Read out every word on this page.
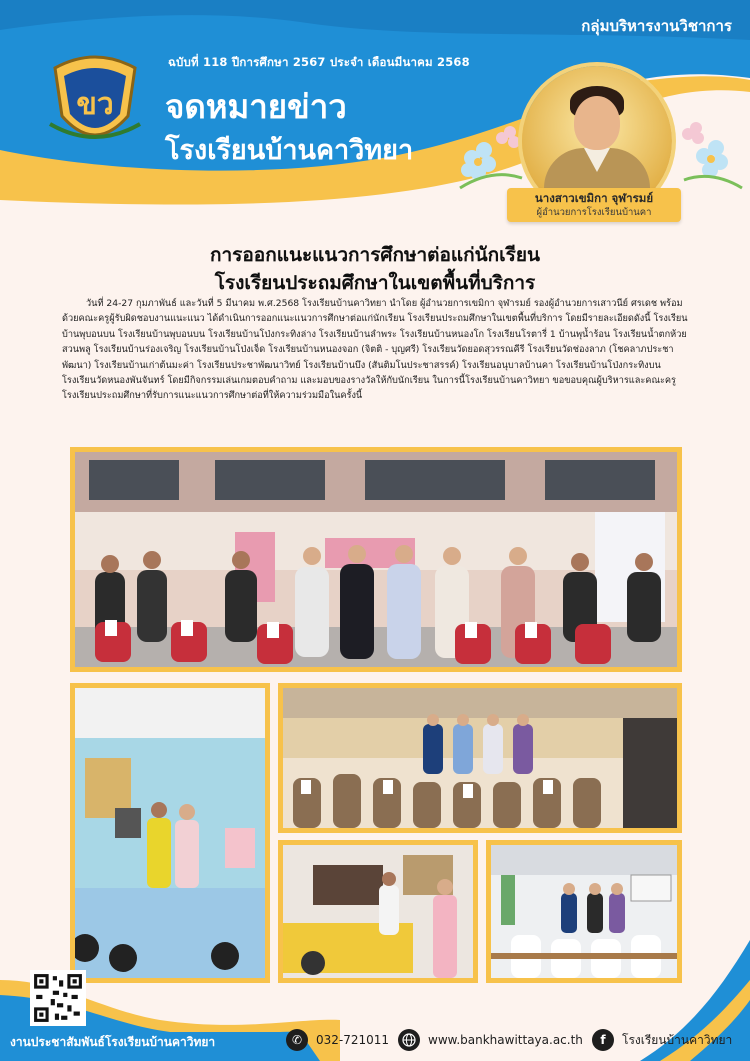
กลุ่มบริหารงานวิชาการ
ฉบับที่ 118 ปีการศึกษา 2567 ประจำ เดือนมีนาคม 2568
จดหมายข่าว
โรงเรียนบ้านคาวิทยา
ขว
นางสาวเขมิกา จุฬารมย์
ผู้อำนวยการโรงเรียนบ้านคา
การออกแนะแนวการศึกษาต่อแก่นักเรียน
โรงเรียนประถมศึกษาในเขตพื้นที่บริการ
วันที่ 24-27 กุมภาพันธ์ และวันที่ 5 มีนาคม พ.ศ.2568 โรงเรียนบ้านคาวิทยา นำโดย ผู้อำนวยการเขมิกา จุฬารมย์ รองผู้อำนวยการเสาวนีย์ ศรเดช พร้อมด้วยคณะครูผู้รับผิดชอบงานแนะแนว ได้ดำเนินการออกแนะแนวการศึกษาต่อแก่นักเรียน โรงเรียนประถมศึกษาในเขตพื้นที่บริการ โดยมีรายละเอียดดังนี้ โรงเรียนบ้านพุบอนบน โรงเรียนบ้านพุบอนบน โรงเรียนบ้านโป่งกระทิงล่าง โรงเรียนบ้านลำพระ โรงเรียนบ้านหนองโก โรงเรียนโรตารี่ 1 บ้านพุน้ำร้อน โรงเรียนน้ำตกห้วยสวนพลู โรงเรียนบ้านร่องเจริญ โรงเรียนบ้านโป่งเจ็ด โรงเรียนบ้านหนองจอก (จิตติ - บุญศรี) โรงเรียนวัดยอดสุวรรณคีรี โรงเรียนวัดช่องลาภ (โชคลาภประชาพัฒนา) โรงเรียนบ้านเก่าต้นมะค่า โรงเรียนประชาพัฒนาวิทย์ โรงเรียนบ้านบึง (สันติมโนประชาสรรค์) โรงเรียนอนุบาลบ้านคา โรงเรียนบ้านโป่งกระทิงบน โรงเรียนวัดหนองพันจันทร์ โดยมีกิจกรรมเล่นเกมตอบคำถาม และมอบของรางวัลให้กับนักเรียน ในการนี้โรงเรียนบ้านคาวิทยา ขอขอบคุณผู้บริหารและคณะครูโรงเรียนประถมศึกษาที่รับการแนะแนวการศึกษาต่อที่ให้ความร่วมมือในครั้งนี้
งานประชาสัมพันธ์โรงเรียนบ้านคาวิทยา	✆	032-721011	www.bankhawittaya.ac.th	f	โรงเรียนบ้านคาวิทยา
